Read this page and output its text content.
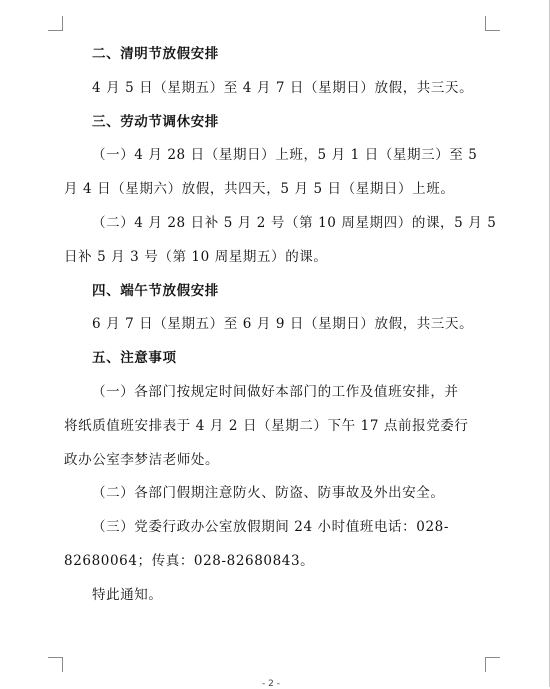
二、清明节放假安排
4 月 5 日（星期五）至 4 月 7 日（星期日）放假，共三天。
三、劳动节调休安排
（一）4 月 28 日（星期日）上班，5 月 1 日（星期三）至 5
月 4 日（星期六）放假，共四天，5 月 5 日（星期日）上班。
（二）4 月 28 日补 5 月 2 号（第 10 周星期四）的课，5 月 5
日补 5 月 3 号（第 10 周星期五）的课。
四、端午节放假安排
6 月 7 日（星期五）至 6 月 9 日（星期日）放假，共三天。
五、注意事项
（一）各部门按规定时间做好本部门的工作及值班安排，并
将纸质值班安排表于 4 月 2 日（星期二）下午 17 点前报党委行
政办公室李梦洁老师处。
（二）各部门假期注意防火、防盗、防事故及外出安全。
（三）党委行政办公室放假期间 24 小时值班电话：028-
82680064；传真：028-82680843。
特此通知。
- 2 -
